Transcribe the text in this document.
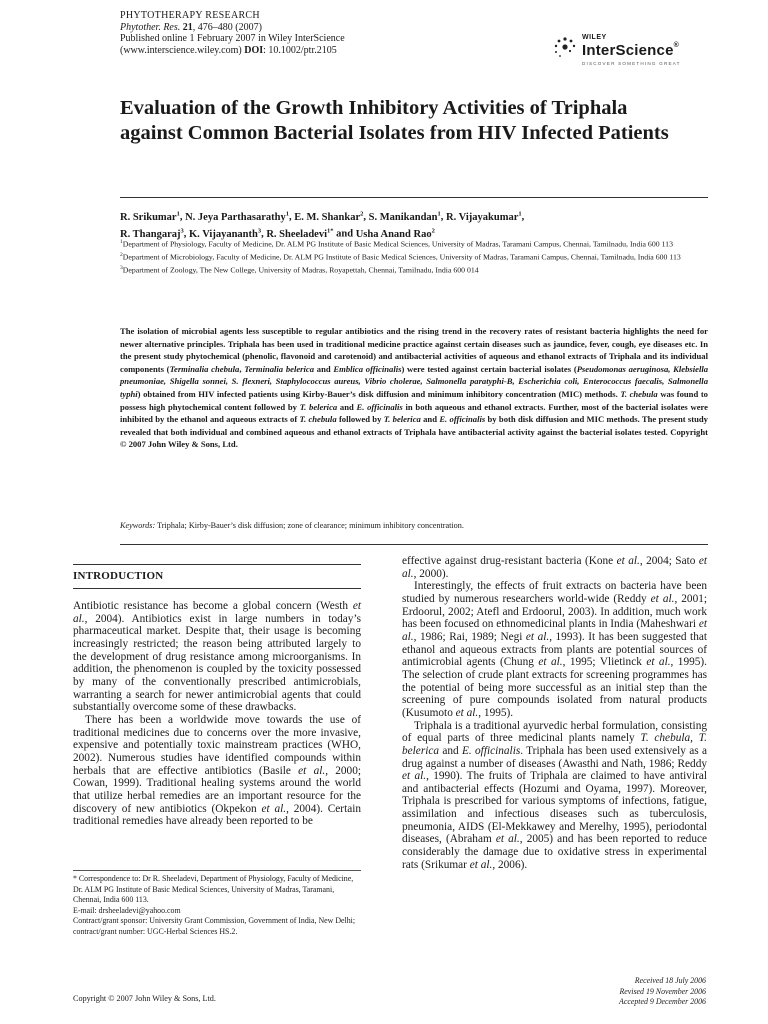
PHYTOTHERAPY RESEARCH
Phytother. Res. 21, 476–480 (2007)
Published online 1 February 2007 in Wiley InterScience
(www.interscience.wiley.com) DOI: 10.1002/ptr.2105
WILEY
InterScience®
DISCOVER SOMETHING GREAT
Evaluation of the Growth Inhibitory Activities of Triphala against Common Bacterial Isolates from HIV Infected Patients
R. Srikumar$^1$, N. Jeya Parthasarathy$^1$, E. M. Shankar$^2$, S. Manikandan$^1$, R. Vijayakumar$^1$,
R. Thangaraj$^3$, K. Vijayananth$^3$, R. Sheeladevi$^{1*}$ and Usha Anand Rao$^2$

$^1$Department of Physiology, Faculty of Medicine, Dr. ALM PG Institute of Basic Medical Sciences, University of Madras, Taramani Campus, Chennai, Tamilnadu, India 600 113

$^2$Department of Microbiology, Faculty of Medicine, Dr. ALM PG Institute of Basic Medical Sciences, University of Madras, Taramani Campus, Chennai, Tamilnadu, India 600 113

$^3$Department of Zoology, The New College, University of Madras, Royapettah, Chennai, Tamilnadu, India 600 014

The isolation of microbial agents less susceptible to regular antibiotics and the rising trend in the recovery rates of resistant bacteria highlights the need for newer alternative principles. Triphala has been used in traditional medicine practice against certain diseases such as jaundice, fever, cough, eye diseases etc. In the present study phytochemical (phenolic, flavonoid and carotenoid) and antibacterial activities of aqueous and ethanol extracts of Triphala and its individual components (Terminalia chebula, Terminalia belerica and Emblica officinalis) were tested against certain bacterial isolates (Pseudomonas aeruginosa, Klebsiella pneumoniae, Shigella sonnei, S. flexneri, Staphylococcus aureus, Vibrio cholerae, Salmonella paratyphi-B, Escherichia coli, Enterococcus faecalis, Salmonella typhi) obtained from HIV infected patients using Kirby-Bauer’s disk diffusion and minimum inhibitory concentration (MIC) methods. T. chebula was found to possess high phytochemical content followed by T. belerica and E. officinalis in both aqueous and ethanol extracts. Further, most of the bacterial isolates were inhibited by the ethanol and aqueous extracts of T. chebula followed by T. belerica and E. officinalis by both disk diffusion and MIC methods. The present study revealed that both individual and combined aqueous and ethanol extracts of Triphala have antibacterial activity against the bacterial isolates tested. Copyright © 2007 John Wiley & Sons, Ltd.
Keywords: Triphala; Kirby-Bauer’s disk diffusion; zone of clearance; minimum inhibitory concentration.
INTRODUCTION

Antibiotic resistance has become a global concern (Westh et al., 2004). Antibiotics exist in large numbers in today’s pharmaceutical market. Despite that, their usage is becoming increasingly restricted; the reason being attributed largely to the development of drug resistance among microorganisms. In addition, the phenomenon is coupled by the toxicity possessed by many of the conventionally prescribed antimicrobials, warranting a search for newer antimicrobial agents that could substantially overcome some of these drawbacks.

There has been a worldwide move towards the use of traditional medicines due to concerns over the more invasive, expensive and potentially toxic mainstream practices (WHO, 2002). Numerous studies have identified compounds within herbals that are effective antibiotics (Basile et al., 2000; Cowan, 1999). Traditional healing systems around the world that utilize herbal remedies are an important resource for the discovery of new antibiotics (Okpekon et al., 2004). Certain traditional remedies have already been reported to be

effective against drug-resistant bacteria (Kone et al., 2004; Sato et al., 2000).

Interestingly, the effects of fruit extracts on bacteria have been studied by numerous researchers world-wide (Reddy et al., 2001; Erdoorul, 2002; Atefl and Erdoorul, 2003). In addition, much work has been focused on ethnomedicinal plants in India (Maheshwari et al., 1986; Rai, 1989; Negi et al., 1993). It has been suggested that ethanol and aqueous extracts from plants are potential sources of antimicrobial agents (Chung et al., 1995; Vlietinck et al., 1995). The selection of crude plant extracts for screening programmes has the potential of being more successful as an initial step than the screening of pure compounds isolated from natural products (Kusumoto et al., 1995).

Triphala is a traditional ayurvedic herbal formulation, consisting of equal parts of three medicinal plants namely T. chebula, T. belerica and E. officinalis. Triphala has been used extensively as a drug against a number of diseases (Awasthi and Nath, 1986; Reddy et al., 1990). The fruits of Triphala are claimed to have antiviral and antibacterial effects (Hozumi and Oyama, 1997). Moreover, Triphala is prescribed for various symptoms of infections, fatigue, assimilation and infectious diseases such as tuberculosis, pneumonia, AIDS (El-Mekkawey and Merelhy, 1995), periodontal diseases, (Abraham et al., 2005) and has been reported to reduce considerably the damage due to oxidative stress in experimental rats (Srikumar et al., 2006).

* Correspondence to: Dr R. Sheeladevi, Department of Physiology, Faculty of Medicine, Dr. ALM PG Institute of Basic Medical Sciences, University of Madras, Taramani, Chennai, India 600 113.
E-mail: drsheeladevi@yahoo.com
Contract/grant sponsor: University Grant Commission, Government of India, New Delhi; contract/grant number: UGC-Herbal Sciences HS.2.
Received 18 July 2006
Revised 19 November 2006
Accepted 9 December 2006
Copyright © 2007 John Wiley & Sons, Ltd.
